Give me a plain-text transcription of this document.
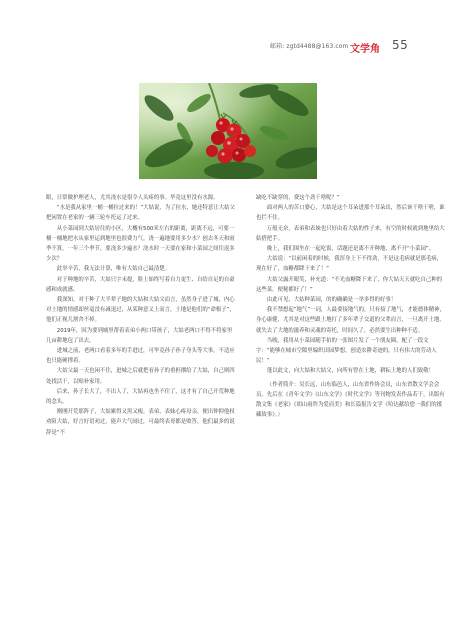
邮箱: zgtd4488@163.com 文学角 55

眼，日常做护理老人，尤其浇水是很令人头疼的事。毕竟这里没有水源。

“水是我从家里一桶一桶拉过来的！”大姑说，为了拉水，她还特意让大姑父把闲置在老家的一辆三轮车托运了过来。

从小菜园到大姑居住的小区，大概有500米左右的距离，距离不远，可要一桶一桶地把水从家里运到地里也很费力气。浇一遍地要用多少水？创去冬天和雨季不算，一年三个季节，要浇多少遍水？浇水时一天要在家和小菜园之间往返多少次？

此举辛苦，我无法计算，唯有大姑自己最清楚。

对于种地的辛苦，大姑只字未提，脸上始终写着自力更生、自给自足的自豪感和成就感。

我深知，对于种了大半辈子地的大姑和大姑父而言，虽然身子进了城，内心对土地的情感却丝毫没有减退过，从某种意义上而言，土地是他们的“命根子”，他们正视儿割舍不掉。

2019年，因为要到城里帮着表弟小两口带孩子，大姑老两口不得不将家里几亩耕地包了出去。

进城之前，老两口看着多年的手进过，可毕竟孙子孙子身头等大事，不适应也只能硬撑着。

大姑父最一天也闲不住，进城之后就把看孙子的重担撂给了大姑，自己则四处找活干，以贴补家用。

后来，孙子长大了，不出人了，大姑再也坐不住了，这才有了自己开荒种地的念头。

刚刚开荒那阵子，大姑累得又黑又瘦。表弟、表妹心疼母亲，便出钟抑他权劝阻大姑，好言好语劝过，能声大气闹过，可最终表哥都是败答，他们最多的说辞是“不

缺吃不缺穿的，费这个劲干啥呢？”

面对两人的苦口婆心，大姑是这个耳朵进那个耳朵出，然后该干啥干啥，谁也拦不住。

万般无奈，表弟和表妹也只好由着大姑的性子来，有空的时候就到地里给大姑搭把手。

晚上，我们围坐在一起吃饭，话题还是离不开种地、离不开“小菜园”。

大姑说：“以前闲着的时候，我浑身上下不得劲，不是这毛病就是那毛病，现在好了，血糖都降下来了！”

大姑父露开眼笑，补充道：“不光血糖降下来了，你大姑天天就吃自己种的这些菜，便秘都好了！”

由此可见，大姑种菜园，的的确确是一举多得的好事！

我不禁想起“地气”一词，人最要接地气的，只有接了地气，才能德体精神，身心康健，尤其是对这些跟土地打了多年辈子交道的父辈而言，一旦离开土地，就失去了大地的滋养和灵魂的寄托，时间久了，必然要生出种种不适。

当晚，我用从小菜园随手拍的一张图片发了一个朋友圈，配了一段文字：“能够在城市空隙里编织田园梦想，创造农耕奇迹的，只有伟大的劳动人民！”

蓬以此文，向大姑和大姑父，向所有曾在土地，耕耘土地的人们致敬！

（作者简介：吴长远，山东临邑人，山东省作协会员，山东省散文学会会员，先后在《青年文学》《山东文学》《时代文学》等刊物发表作品若干，出版有散文集《老家》《胡山雨炸为爱而美》和长篇报告文学《哈达献给您一我们的援藏故事》。）
